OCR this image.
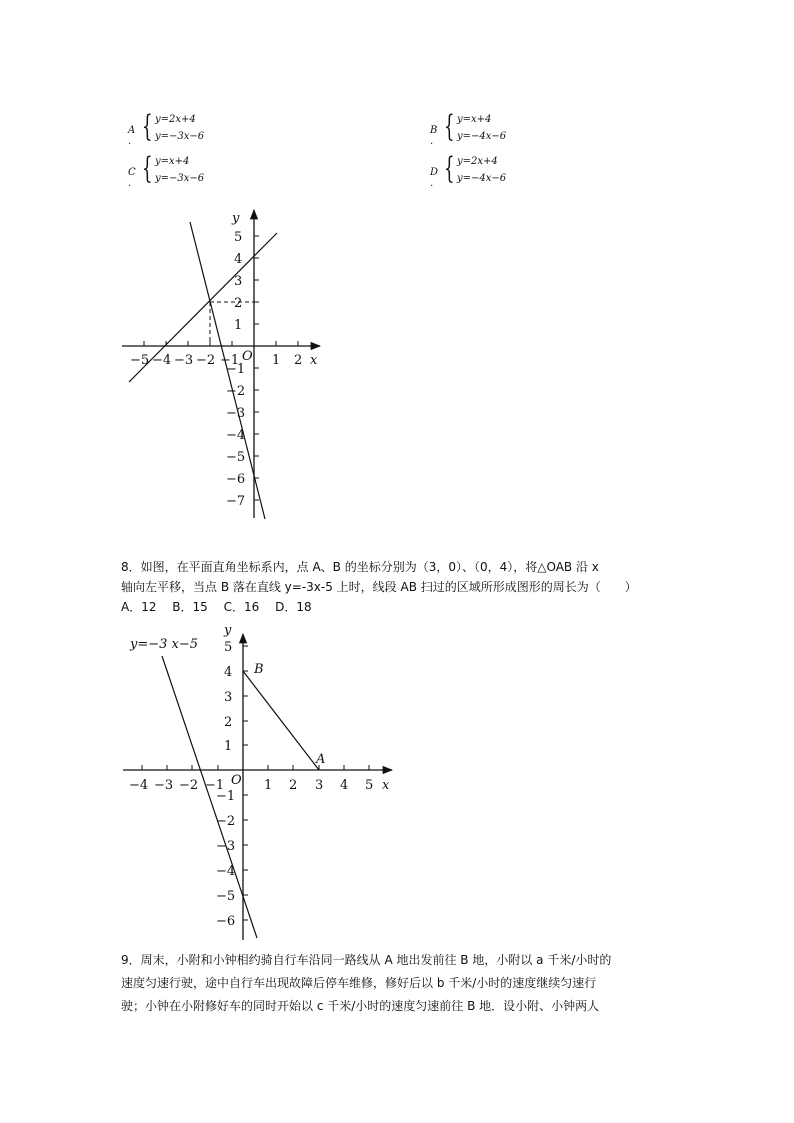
A . { y=2x+4
y=−3x−6
B . { y=x+4
y=−4x−6
C . { y=x+4
y=−3x−6
D . { y=2x+4
y=−4x−6
x
y
O
−5 −4 −3 −2 −1	1 2
5
4
3
2
1
−1
−2
−3
−4
−5
−6
−7
8．如图，在平面直角坐标系内，点 A、B 的坐标分别为（3，0）、（0，4），将△OAB 沿 x
轴向左平移，当点 B 落在直线 y=-3x-5 上时，线段 AB 扫过的区域所形成图形的周长为（　　）
A．12　 B．15　 C．16　 D．18
y=−3 x−5
B
A
x
y
O
−4 −3 −2 −1	1 2 3 4 5
5
4
3
2
1
−1
−2
−3
−4
−5
−6
9．周末，小附和小钟相约骑自行车沿同一路线从 A 地出发前往 B 地，小附以 a 千米/小时的
速度匀速行驶，途中自行车出现故障后停车维修，修好后以 b 千米/小时的速度继续匀速行
驶；小钟在小附修好车的同时开始以 c 千米/小时的速度匀速前往 B 地．设小附、小钟两人
